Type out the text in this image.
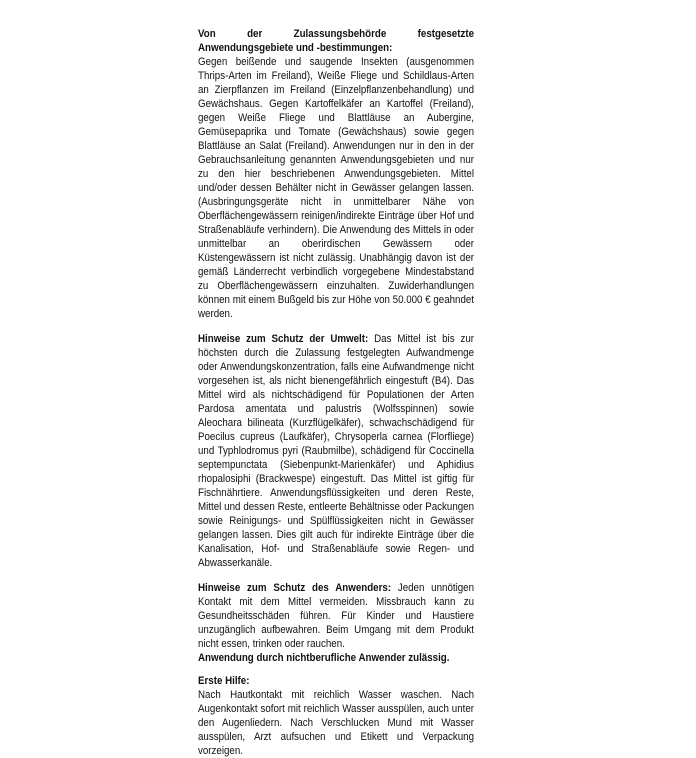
Von der Zulassungsbehörde festgesetzte Anwendungsgebiete und -bestimmungen:
Gegen beißende und saugende Insekten (ausgenommen Thrips-Arten im Freiland), Weiße Fliege und Schildlaus-Arten an Zierpflanzen im Freiland (Einzelpflanzenbehandlung) und Gewächshaus. Gegen Kartoffelkäfer an Kartoffel (Freiland), gegen Weiße Fliege und Blattläuse an Aubergine, Gemüsepaprika und Tomate (Gewächshaus) sowie gegen Blattläuse an Salat (Freiland). Anwendungen nur in den in der Gebrauchsanleitung genannten Anwendungsgebieten und nur zu den hier beschriebenen Anwendungsgebieten. Mittel und/oder dessen Behälter nicht in Gewässer gelangen lassen. (Ausbringungsgeräte nicht in unmittelbarer Nähe von Oberflächengewässern reinigen/indirekte Einträge über Hof und Straßenabläufe verhindern). Die Anwendung des Mittels in oder unmittelbar an oberirdischen Gewässern oder Küstengewässern ist nicht zulässig. Unabhängig davon ist der gemäß Länderrecht verbindlich vorgegebene Mindestabstand zu Oberflächengewässern einzuhalten. Zuwiderhandlungen können mit einem Bußgeld bis zur Höhe von 50.000 € geahndet werden.

Hinweise zum Schutz der Umwelt: Das Mittel ist bis zur höchsten durch die Zulassung festgelegten Aufwandmenge oder Anwendungskonzentration, falls eine Aufwandmenge nicht vorgesehen ist, als nicht bienengefährlich eingestuft (B4). Das Mittel wird als nichtschädigend für Populationen der Arten Pardosa amentata und palustris (Wolfsspinnen) sowie Aleochara bilineata (Kurzflügelkäfer), schwachschädigend für Poecilus cupreus (Laufkäfer), Chrysoperla carnea (Florfliege) und Typhlodromus pyri (Raubmilbe), schädigend für Coccinella septempunctata (Siebenpunkt-Marienkäfer) und Aphidius rhopalosiphi (Brackwespe) eingestuft. Das Mittel ist giftig für Fischnährtiere. Anwendungsflüssigkeiten und deren Reste, Mittel und dessen Reste, entleerte Behältnisse oder Packungen sowie Reinigungs- und Spülflüssigkeiten nicht in Gewässer gelangen lassen. Dies gilt auch für indirekte Einträge über die Kanalisation, Hof- und Straßenabläufe sowie Regen- und Abwasserkanäle.

Hinweise zum Schutz des Anwenders: Jeden unnötigen Kontakt mit dem Mittel vermeiden. Missbrauch kann zu Gesundheitsschäden führen. Für Kinder und Haustiere unzugänglich aufbewahren. Beim Umgang mit dem Produkt nicht essen, trinken oder rauchen.

Anwendung durch nichtberufliche Anwender zulässig.

Erste Hilfe:
Nach Hautkontakt mit reichlich Wasser waschen. Nach Augenkontakt sofort mit reichlich Wasser ausspülen, auch unter den Augenliedern. Nach Verschlucken Mund mit Wasser ausspülen, Arzt aufsuchen und Etikett und Verpackung vorzeigen.
